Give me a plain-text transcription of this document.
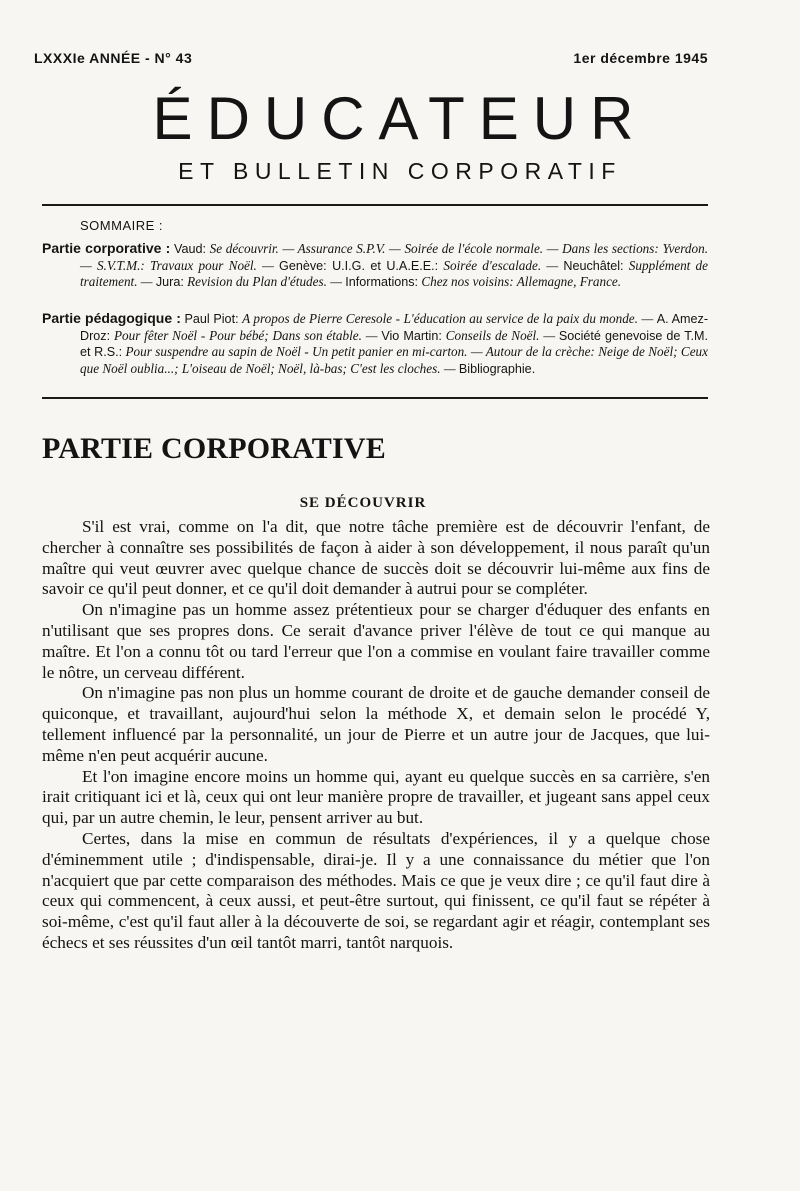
LXXXIe ANNÉE - N° 43	1er décembre 1945
ÉDUCATEUR
ET BULLETIN CORPORATIF
SOMMAIRE :

Partie corporative : Vaud: Se découvrir. — Assurance S.P.V. — Soirée de l'école normale. — Dans les sections: Yverdon. — S.V.T.M.: Travaux pour Noël. — Genève: U.I.G. et U.A.E.E.: Soirée d'escalade. — Neuchâtel: Supplément de traitement. — Jura: Revision du Plan d'études. — Informations: Chez nos voisins: Allemagne, France.

Partie pédagogique : Paul Piot: A propos de Pierre Ceresole - L'éducation au service de la paix du monde. — A. Amez-Droz: Pour fêter Noël - Pour bébé; Dans son étable. — Vio Martin: Conseils de Noël. — Société genevoise de T.M. et R.S.: Pour suspendre au sapin de Noël - Un petit panier en mi-carton. — Autour de la crèche: Neige de Noël; Ceux que Noël oublia...; L'oiseau de Noël; Noël, là-bas; C'est les cloches. — Bibliographie.

PARTIE CORPORATIVE
SE DÉCOUVRIR

S'il est vrai, comme on l'a dit, que notre tâche première est de découvrir l'enfant, de chercher à connaître ses possibilités de façon à aider à son développement, il nous paraît qu'un maître qui veut œuvrer avec quelque chance de succès doit se découvrir lui-même aux fins de savoir ce qu'il peut donner, et ce qu'il doit demander à autrui pour se compléter.

On n'imagine pas un homme assez prétentieux pour se charger d'éduquer des enfants en n'utilisant que ses propres dons. Ce serait d'avance priver l'élève de tout ce qui manque au maître. Et l'on a connu tôt ou tard l'erreur que l'on a commise en voulant faire travailler comme le nôtre, un cerveau différent.

On n'imagine pas non plus un homme courant de droite et de gauche demander conseil de quiconque, et travaillant, aujourd'hui selon la méthode X, et demain selon le procédé Y, tellement influencé par la personnalité, un jour de Pierre et un autre jour de Jacques, que lui-même n'en peut acquérir aucune.

Et l'on imagine encore moins un homme qui, ayant eu quelque succès en sa carrière, s'en irait critiquant ici et là, ceux qui ont leur manière propre de travailler, et jugeant sans appel ceux qui, par un autre chemin, le leur, pensent arriver au but.

Certes, dans la mise en commun de résultats d'expériences, il y a quelque chose d'éminemment utile ; d'indispensable, dirai-je. Il y a une connaissance du métier que l'on n'acquiert que par cette comparaison des méthodes. Mais ce que je veux dire ; ce qu'il faut dire à ceux qui commencent, à ceux aussi, et peut-être surtout, qui finissent, ce qu'il faut se répéter à soi-même, c'est qu'il faut aller à la découverte de soi, se regardant agir et réagir, contemplant ses échecs et ses réussites d'un œil tantôt marri, tantôt narquois.
